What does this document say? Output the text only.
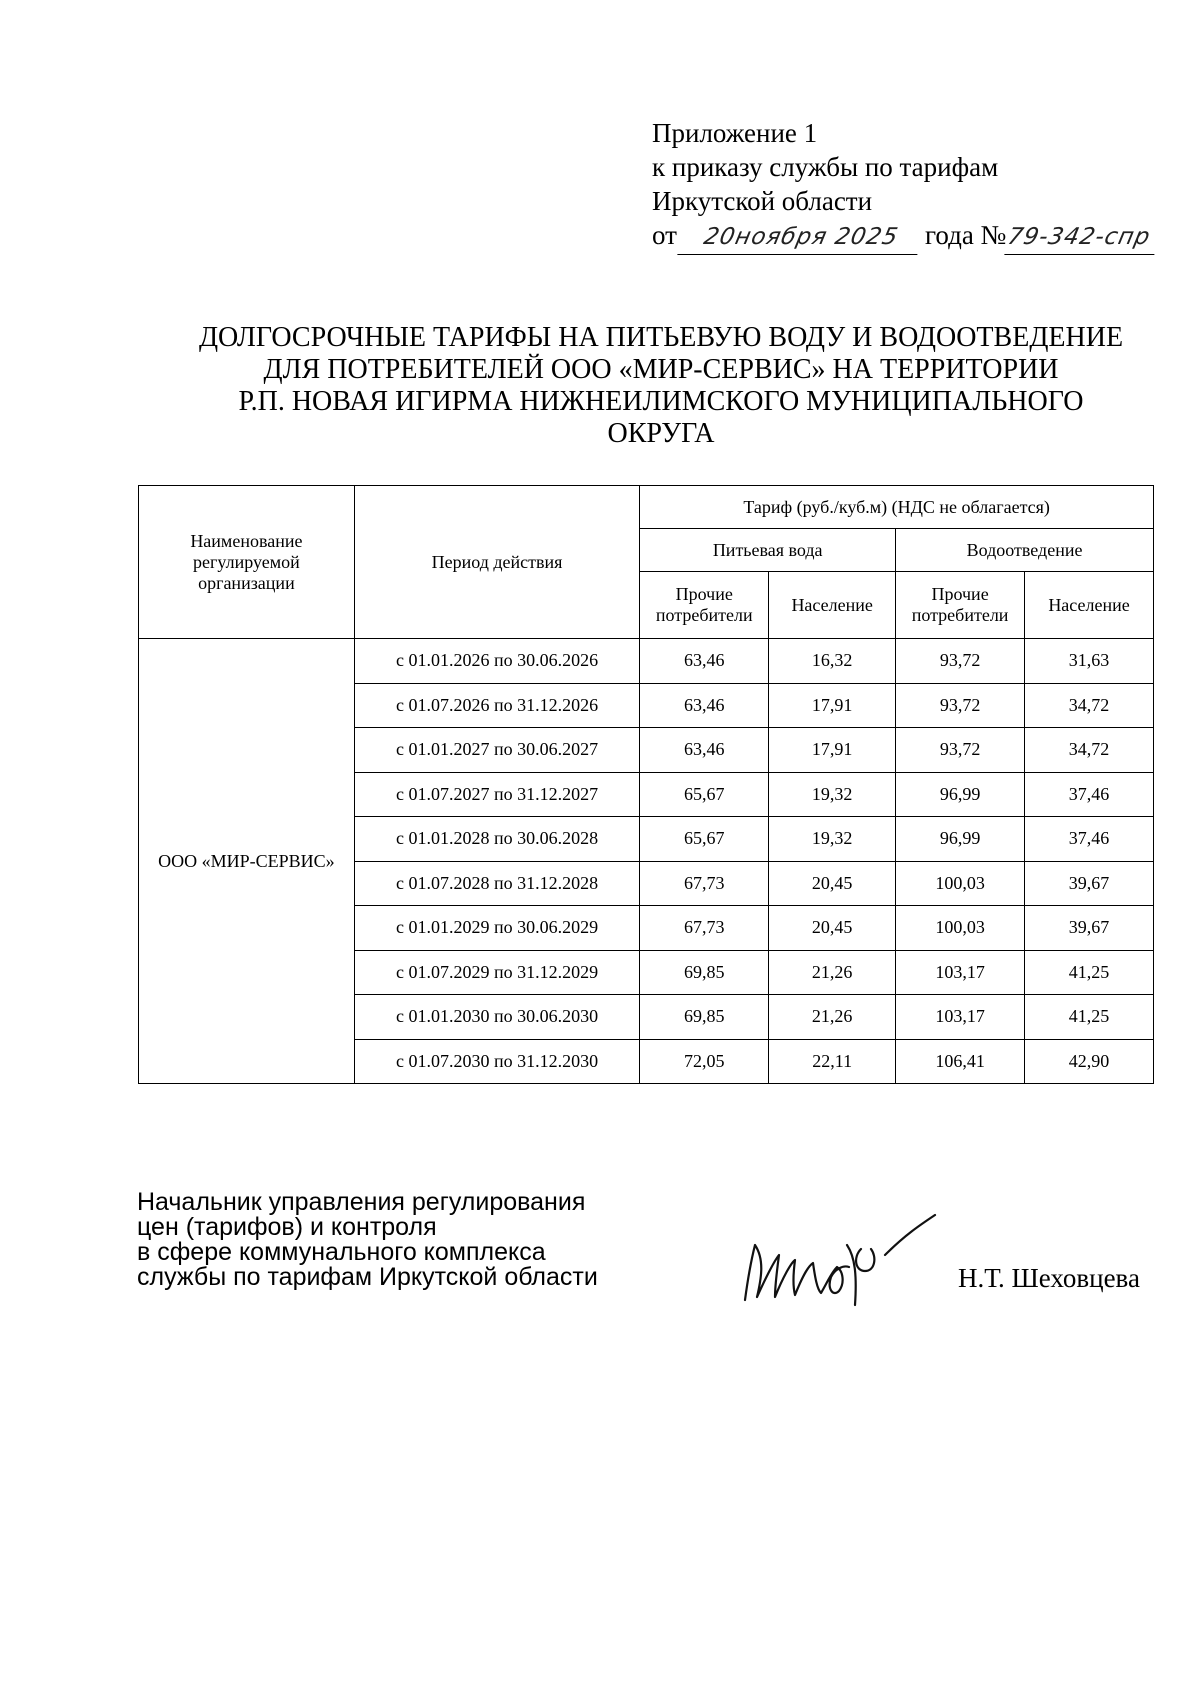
Приложение 1
к приказу службы по тарифам
Иркутской области
от 20ноября 2025 года №79-342-спр
ДОЛГОСРОЧНЫЕ ТАРИФЫ НА ПИТЬЕВУЮ ВОДУ И ВОДООТВЕДЕНИЕ
ДЛЯ ПОТРЕБИТЕЛЕЙ ООО «МИР-СЕРВИС» НА ТЕРРИТОРИИ
Р.П. НОВАЯ ИГИРМА НИЖНЕИЛИМСКОГО МУНИЦИПАЛЬНОГО
ОКРУГА
Наименование регулируемой организации	Период действия	Тариф (руб./куб.м) (НДС не облагается)			
		Питьевая вода		Водоотведение	
		Прочие потребители	Население	Прочие потребители	Население
ООО «МИР-СЕРВИС»	с 01.01.2026 по 30.06.2026	63,46	16,32	93,72	31,63
	с 01.07.2026 по 31.12.2026	63,46	17,91	93,72	34,72
	с 01.01.2027 по 30.06.2027	63,46	17,91	93,72	34,72
	с 01.07.2027 по 31.12.2027	65,67	19,32	96,99	37,46
	с 01.01.2028 по 30.06.2028	65,67	19,32	96,99	37,46
	с 01.07.2028 по 31.12.2028	67,73	20,45	100,03	39,67
	с 01.01.2029 по 30.06.2029	67,73	20,45	100,03	39,67
	с 01.07.2029 по 31.12.2029	69,85	21,26	103,17	41,25
	с 01.01.2030 по 30.06.2030	69,85	21,26	103,17	41,25
	с 01.07.2030 по 31.12.2030	72,05	22,11	106,41	42,90
Начальник управления регулирования
цен (тарифов) и контроля
в сфере коммунального комплекса
службы по тарифам Иркутской области	Н.Т. Шеховцева
